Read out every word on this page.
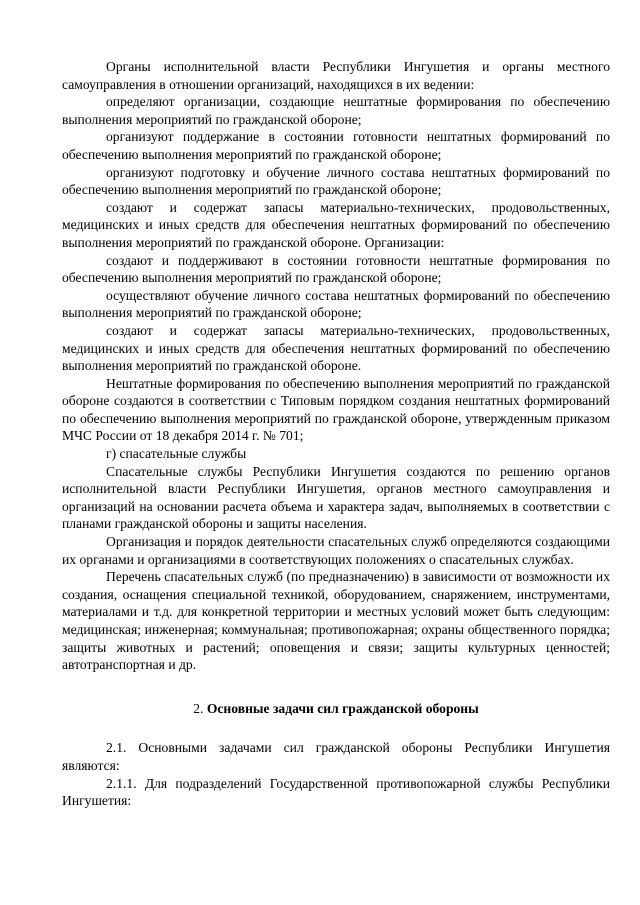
Органы исполнительной власти Республики Ингушетия и органы местного самоуправления в отношении организаций, находящихся в их ведении:

определяют организации, создающие нештатные формирования по обеспечению выполнения мероприятий по гражданской обороне;

организуют поддержание в состоянии готовности нештатных формирований по обеспечению выполнения мероприятий по гражданской обороне;

организуют подготовку и обучение личного состава нештатных формирований по обеспечению выполнения мероприятий по гражданской обороне;

создают и содержат запасы материально-технических, продовольственных, медицинских и иных средств для обеспечения нештатных формирований по обеспечению выполнения мероприятий по гражданской обороне. Организации:

создают и поддерживают в состоянии готовности нештатные формирования по обеспечению выполнения мероприятий по гражданской обороне;

осуществляют обучение личного состава нештатных формирований по обеспечению выполнения мероприятий по гражданской обороне;

создают и содержат запасы материально-технических, продовольственных, медицинских и иных средств для обеспечения нештатных формирований по обеспечению выполнения мероприятий по гражданской обороне.

Нештатные формирования по обеспечению выполнения мероприятий по гражданской обороне создаются в соответствии с Типовым порядком создания нештатных формирований по обеспечению выполнения мероприятий по гражданской обороне, утвержденным приказом МЧС России от 18 декабря 2014 г. № 701;

г) спасательные службы

Спасательные службы Республики Ингушетия создаются по решению органов исполнительной власти Республики Ингушетия, органов местного самоуправления и организаций на основании расчета объема и характера задач, выполняемых в соответствии с планами гражданской обороны и защиты населения.

Организация и порядок деятельности спасательных служб определяются создающими их органами и организациями в соответствующих положениях о спасательных службах.

Перечень спасательных служб (по предназначению) в зависимости от возможности их создания, оснащения специальной техникой, оборудованием, снаряжением, инструментами, материалами и т.д. для конкретной территории и местных условий может быть следующим: медицинская; инженерная; коммунальная; противопожарная; охраны общественного порядка; защиты животных и растений; оповещения и связи; защиты культурных ценностей; автотранспортная и др.

2. Основные задачи сил гражданской обороны

2.1. Основными задачами сил гражданской обороны Республики Ингушетия являются:

2.1.1. Для подразделений Государственной противопожарной службы Республики Ингушетия:
